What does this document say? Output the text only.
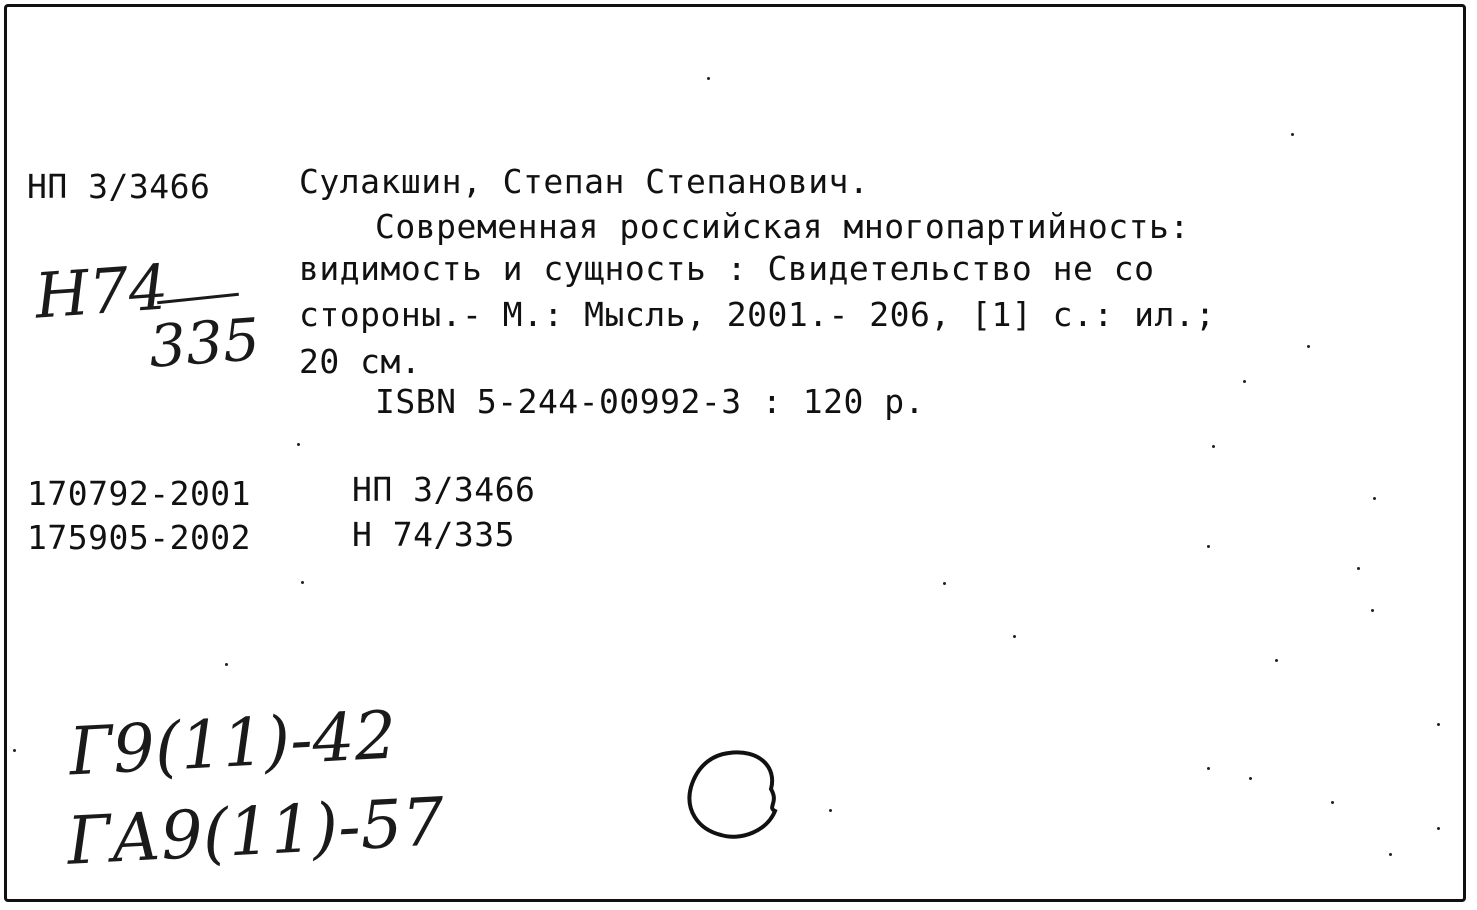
НП 3/3466	Сулакшин, Степан Степанович.
Современная российская многопартийность:
видимость и сущность : Свидетельство не со
стороны.- М.: Мысль, 2001.- 206, [1] с.: ил.;
20 см.
ISBN 5-244-00992-3 : 120 р.
170792-2001	НП 3/3466
175905-2002	Н 74/335
Н74
335
Г9(11)-42
ГА9(11)-57
